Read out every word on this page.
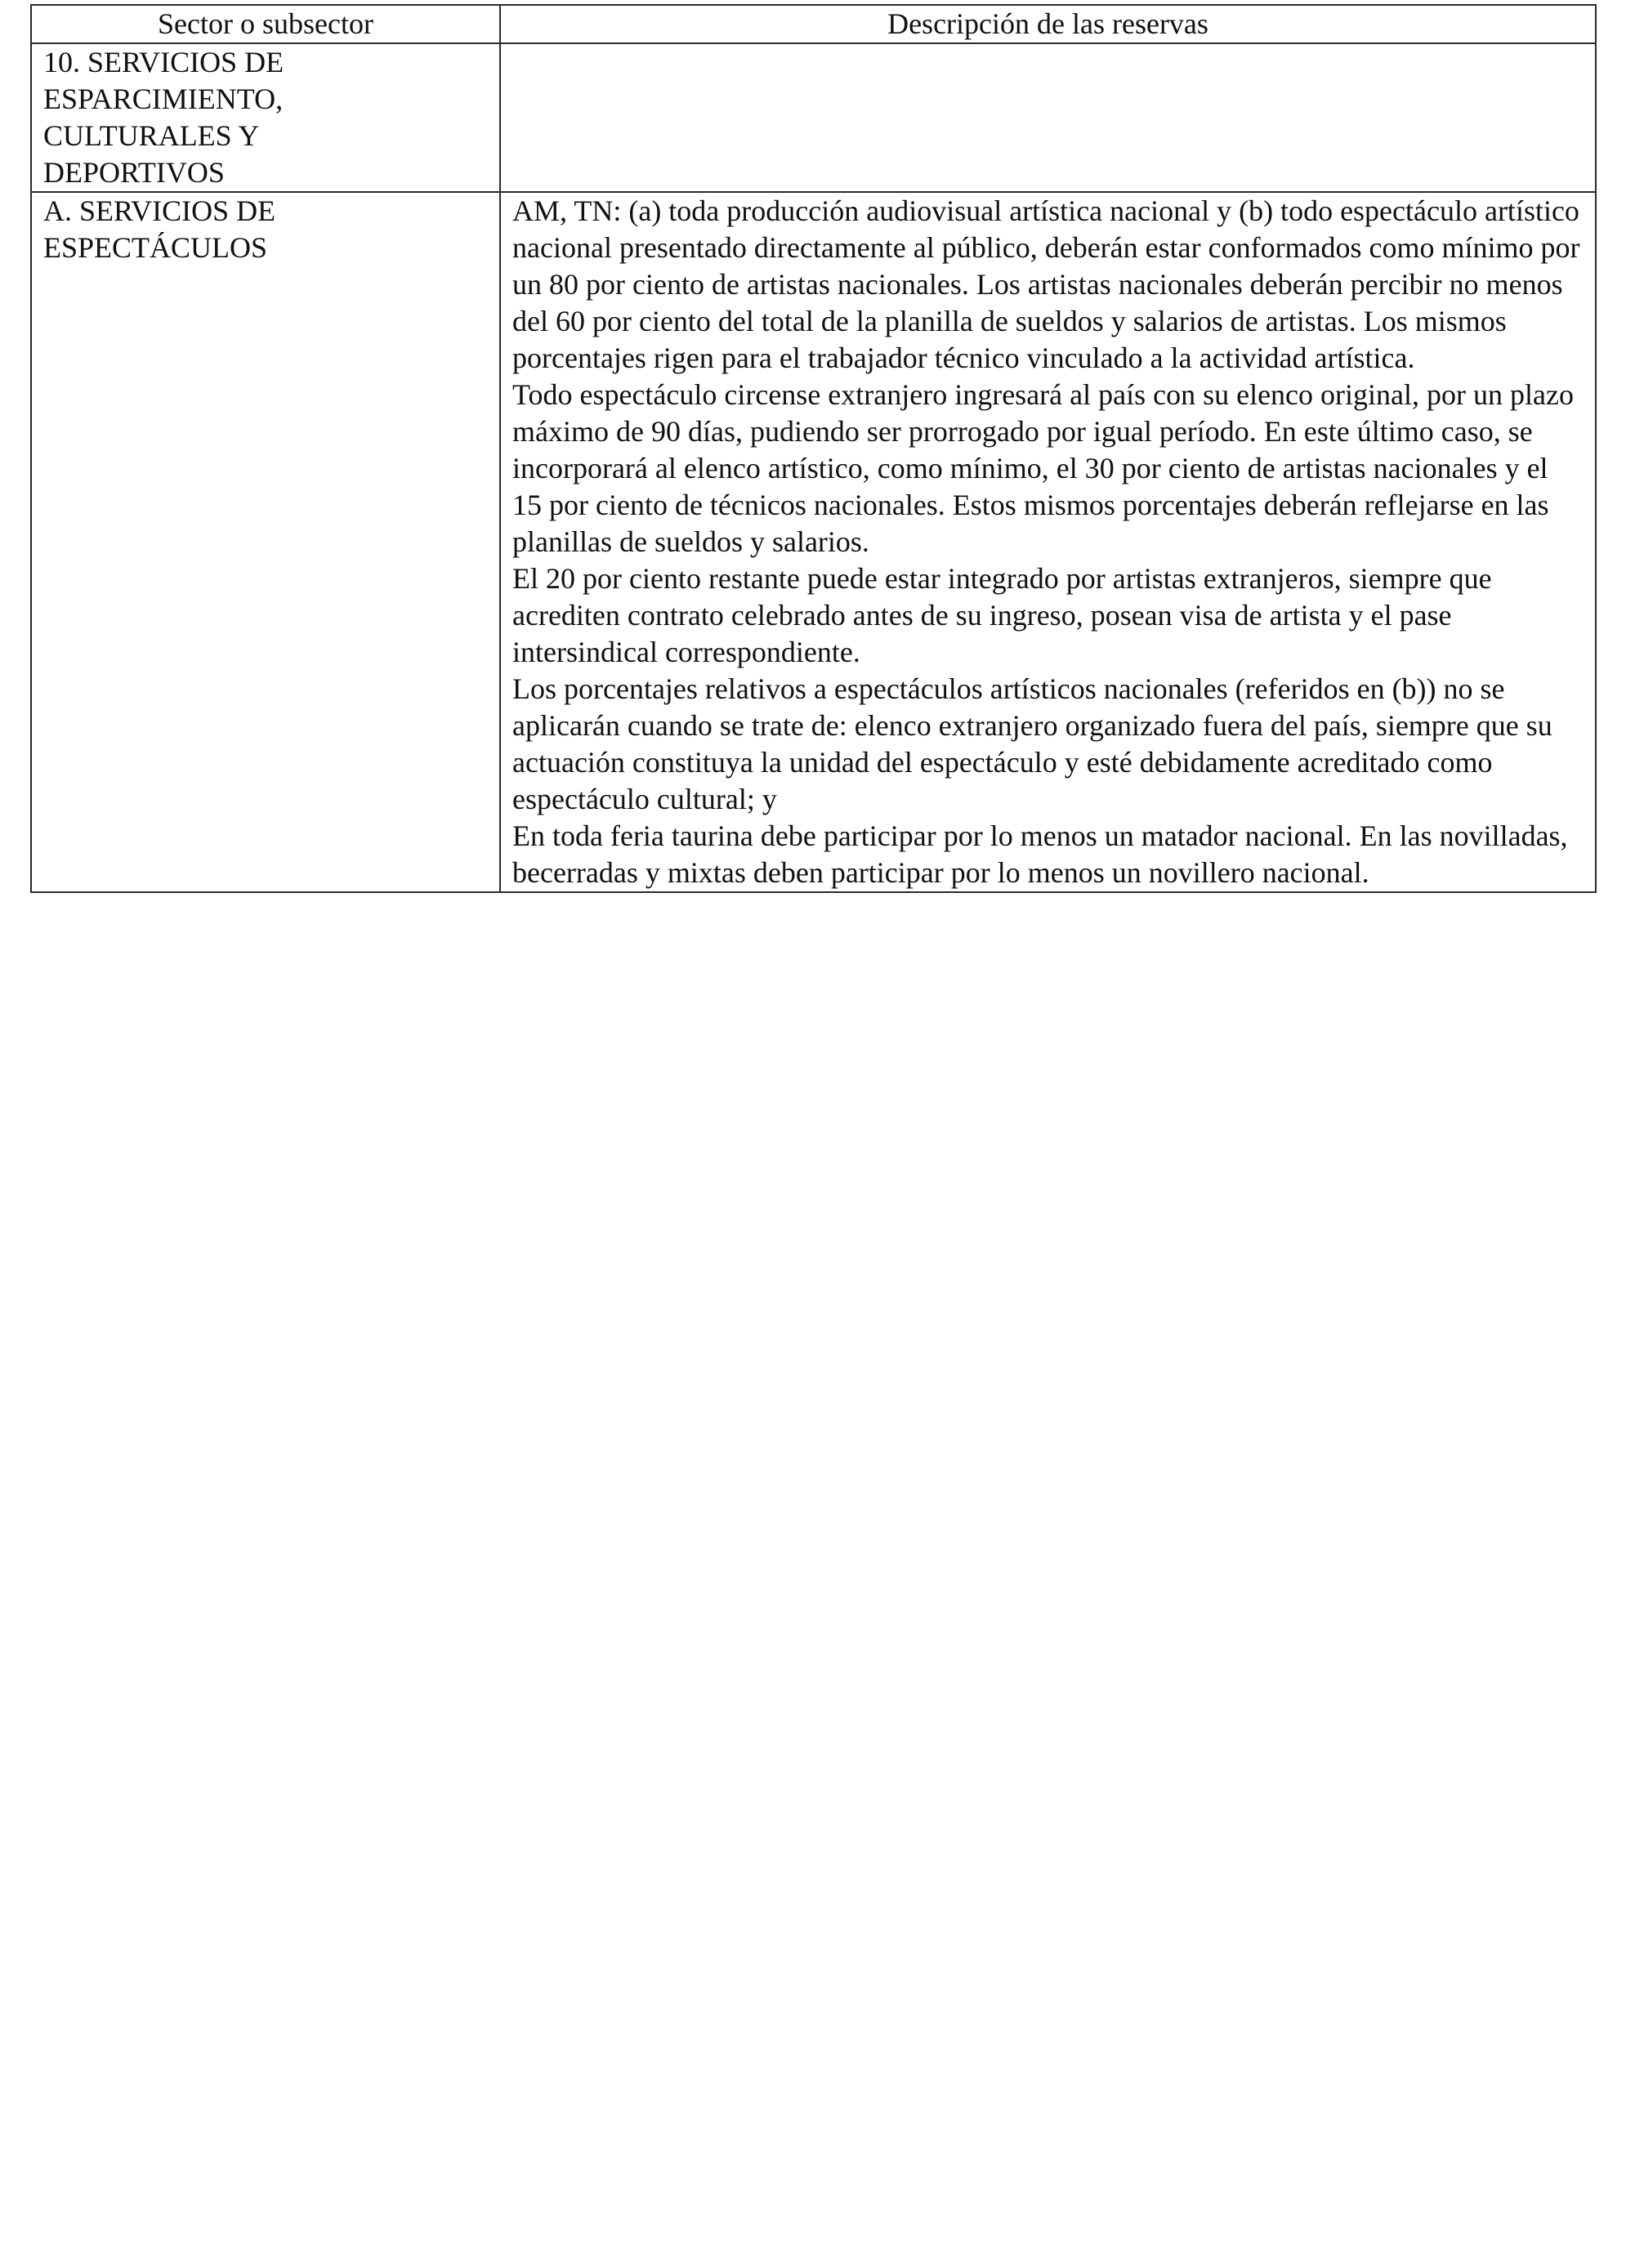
Sector o subsector	Descripción de las reservas

10. SERVICIOS DE
ESPARCIMIENTO,
CULTURALES Y
DEPORTIVOS	

A. SERVICIOS DE
ESPECTÁCULOS	AM, TN: (a) toda producción audiovisual artística nacional y (b) todo espectáculo artístico nacional presentado directamente al público, deberán estar conformados como mínimo por un 80 por ciento de artistas nacionales. Los artistas nacionales deberán percibir no menos del 60 por ciento del total de la planilla de sueldos y salarios de artistas. Los mismos porcentajes rigen para el trabajador técnico vinculado a la actividad artística.
Todo espectáculo circense extranjero ingresará al país con su elenco original, por un plazo máximo de 90 días, pudiendo ser prorrogado por igual período. En este último caso, se incorporará al elenco artístico, como mínimo, el 30 por ciento de artistas nacionales y el 15 por ciento de técnicos nacionales. Estos mismos porcentajes deberán reflejarse en las planillas de sueldos y salarios.
El 20 por ciento restante puede estar integrado por artistas extranjeros, siempre que acrediten contrato celebrado antes de su ingreso, posean visa de artista y el pase intersindical correspondiente.
Los porcentajes relativos a espectáculos artísticos nacionales (referidos en (b)) no se aplicarán cuando se trate de: elenco extranjero organizado fuera del país, siempre que su actuación constituya la unidad del espectáculo y esté debidamente acreditado como espectáculo cultural; y
En toda feria taurina debe participar por lo menos un matador nacional. En las novilladas, becerradas y mixtas deben participar por lo menos un novillero nacional.
